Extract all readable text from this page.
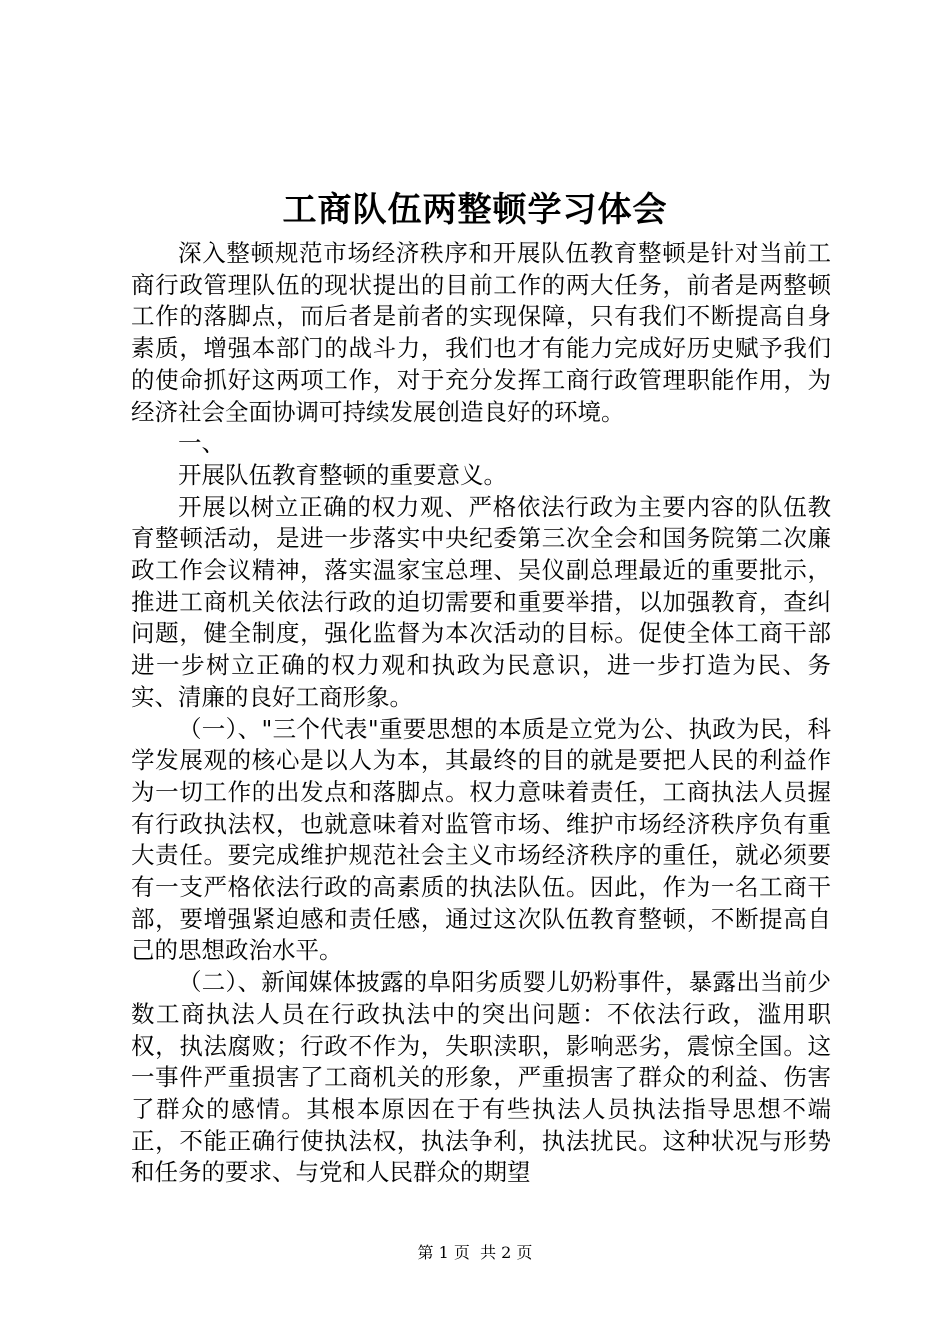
工商队伍两整顿学习体会

深入整顿规范市场经济秩序和开展队伍教育整顿是针对当前工商行政管理队伍的现状提出的目前工作的两大任务，前者是两整顿工作的落脚点，而后者是前者的实现保障，只有我们不断提高自身素质，增强本部门的战斗力，我们也才有能力完成好历史赋予我们的使命抓好这两项工作，对于充分发挥工商行政管理职能作用，为经济社会全面协调可持续发展创造良好的环境。

一、

开展队伍教育整顿的重要意义。

开展以树立正确的权力观、严格依法行政为主要内容的队伍教育整顿活动，是进一步落实中央纪委第三次全会和国务院第二次廉政工作会议精神，落实温家宝总理、吴仪副总理最近的重要批示，推进工商机关依法行政的迫切需要和重要举措，以加强教育，查纠问题，健全制度，强化监督为本次活动的目标。促使全体工商干部进一步树立正确的权力观和执政为民意识，进一步打造为民、务实、清廉的良好工商形象。

（一）、"三个代表"重要思想的本质是立党为公、执政为民，科学发展观的核心是以人为本，其最终的目的就是要把人民的利益作为一切工作的出发点和落脚点。权力意味着责任，工商执法人员握有行政执法权，也就意味着对监管市场、维护市场经济秩序负有重大责任。要完成维护规范社会主义市场经济秩序的重任，就必须要有一支严格依法行政的高素质的执法队伍。因此，作为一名工商干部，要增强紧迫感和责任感，通过这次队伍教育整顿，不断提高自己的思想政治水平。

（二）、新闻媒体披露的阜阳劣质婴儿奶粉事件，暴露出当前少数工商执法人员在行政执法中的突出问题：不依法行政，滥用职权，执法腐败；行政不作为，失职渎职，影响恶劣，震惊全国。这一事件严重损害了工商机关的形象，严重损害了群众的利益、伤害了群众的感情。其根本原因在于有些执法人员执法指导思想不端正，不能正确行使执法权，执法争利，执法扰民。这种状况与形势和任务的要求、与党和人民群众的期望

第 1 页  共 2 页
